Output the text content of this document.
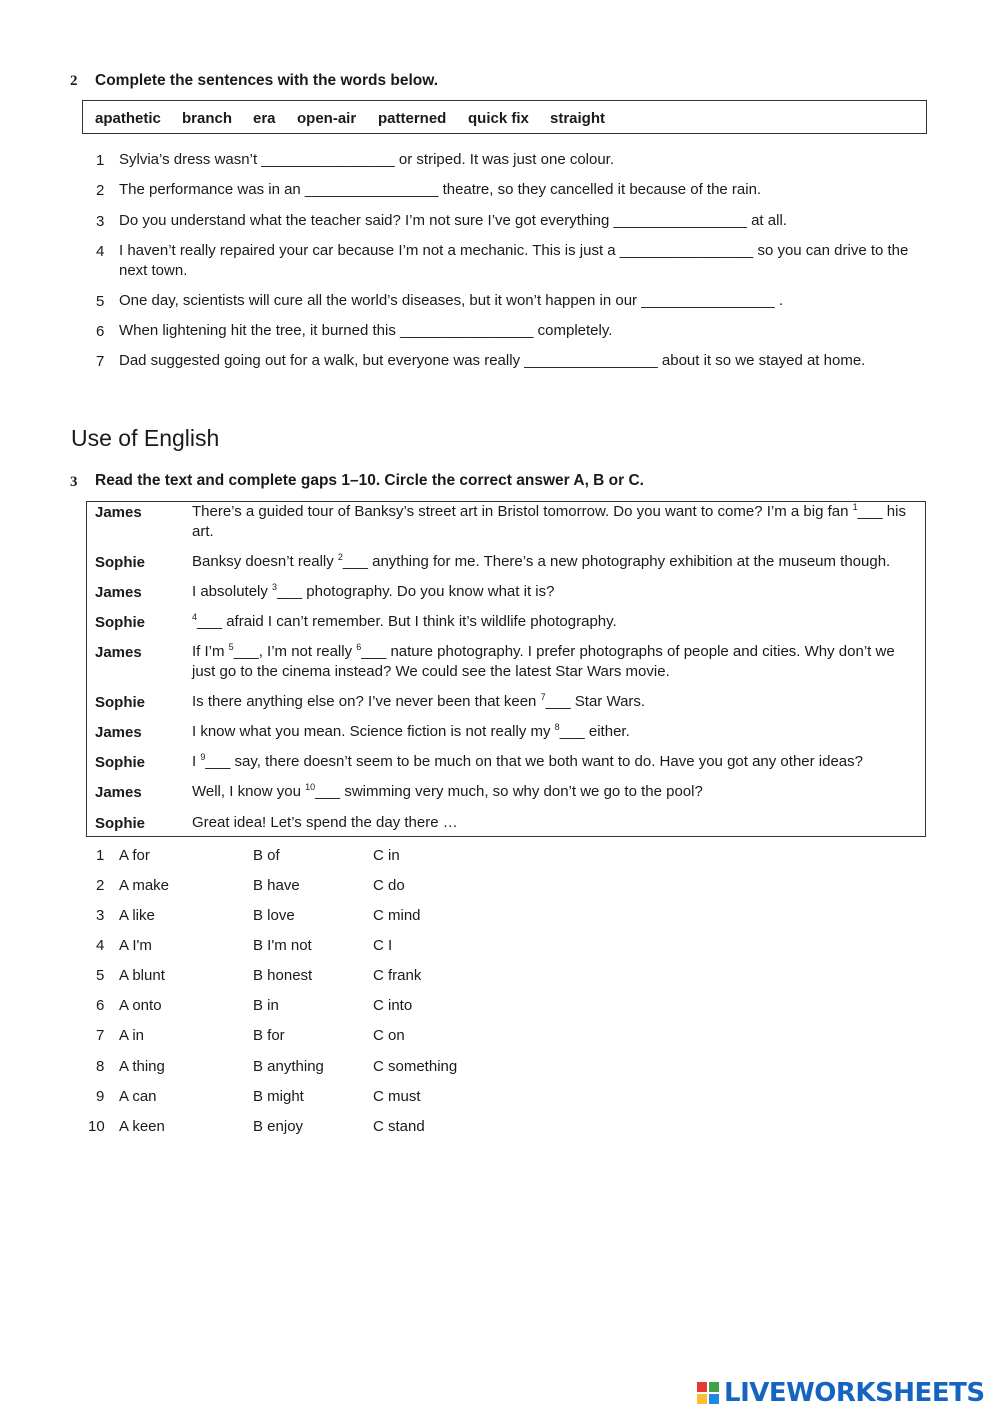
2 Complete the sentences with the words below.
apathetic branch era open-air patterned quick fix straight
1 Sylvia’s dress wasn’t ________________ or striped. It was just one colour.
2 The performance was in an ________________ theatre, so they cancelled it because of the rain.
3 Do you understand what the teacher said? I’m not sure I’ve got everything ________________ at all.
4 I haven’t really repaired your car because I’m not a mechanic. This is just a ________________ so you can drive to the next town.
5 One day, scientists will cure all the world’s diseases, but it won’t happen in our ________________ .
6 When lightening hit the tree, it burned this ________________ completely.
7 Dad suggested going out for a walk, but everyone was really ________________ about it so we stayed at home.
Use of English
3 Read the text and complete gaps 1–10. Circle the correct answer A, B or C.
James	There’s a guided tour of Banksy’s street art in Bristol tomorrow. Do you want to come? I’m a big fan $^1$___ his art.
Sophie	Banksy doesn’t really $^2$___ anything for me. There’s a new photography exhibition at the museum though.
James	I absolutely $^3$___ photography. Do you know what it is?
Sophie	$^4$___ afraid I can’t remember. But I think it’s wildlife photography.
James	If I’m $^5$___, I’m not really $^6$___ nature photography. I prefer photographs of people and cities. Why don’t we just go to the cinema instead? We could see the latest Star Wars movie.
Sophie	Is there anything else on? I’ve never been that keen $^7$___ Star Wars.
James	I know what you mean. Science fiction is not really my $^8$___ either.
Sophie	I $^9$___ say, there doesn’t seem to be much on that we both want to do. Have you got any other ideas?
James	Well, I know you $^{10}$___ swimming very much, so why don’t we go to the pool?
Sophie	Great idea! Let’s spend the day there …
1 A for	B of	C in
2 A make	B have	C do
3 A like	B love	C mind
4 A I'm	B I'm not	C I
5 A blunt	B honest	C frank
6 A onto	B in	C into
7 A in	B for	C on
8 A thing	B anything	C something
9 A can	B might	C must
10 A keen	B enjoy	C stand
LIVEWORKSHEETS
